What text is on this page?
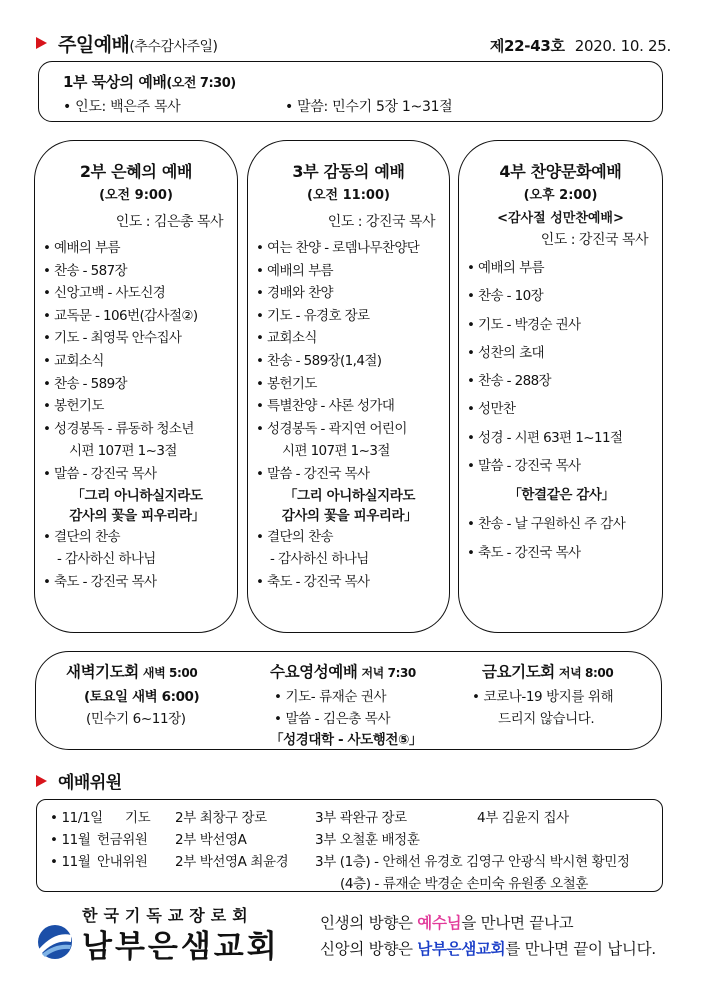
주일예배(추수감사주일)	제22-43호 2020. 10. 25.
1부 묵상의 예배(오전 7:30)
• 인도: 백은주 목사	• 말씀: 민수기 5장 1~31절
2부 은혜의 예배
(오전 9:00)
인도 : 김은총 목사
• 예배의 부름
• 찬송 - 587장
• 신앙고백 - 사도신경
• 교독문 - 106번(감사절②)
• 기도 - 최영묵 안수집사
• 교회소식
• 찬송 - 589장
• 봉헌기도
• 성경봉독 - 류동하 청소년
시편 107편 1~3절
• 말씀 - 강진국 목사
「그리 아니하실지라도
감사의 꽃을 피우리라」
• 결단의 찬송
- 감사하신 하나님
• 축도 - 강진국 목사
3부 감동의 예배
(오전 11:00)
인도 : 강진국 목사
• 여는 찬양 - 로뎀나무찬양단
• 예배의 부름
• 경배와 찬양
• 기도 - 유경호 장로
• 교회소식
• 찬송 - 589장(1,4절)
• 봉헌기도
• 특별찬양 - 샤론 성가대
• 성경봉독 - 곽지연 어린이
시편 107편 1~3절
• 말씀 - 강진국 목사
「그리 아니하실지라도
감사의 꽃을 피우리라」
• 결단의 찬송
- 감사하신 하나님
• 축도 - 강진국 목사
4부 찬양문화예배
(오후 2:00)
<감사절 성만찬예배>
인도 : 강진국 목사
• 예배의 부름
• 찬송 - 10장
• 기도 - 박경순 권사
• 성찬의 초대
• 찬송 - 288장
• 성만찬
• 성경 - 시편 63편 1~11절
• 말씀 - 강진국 목사
「한결같은 감사」
• 찬송 - 날 구원하신 주 감사
• 축도 - 강진국 목사
새벽기도회 새벽 5:00
(토요일 새벽 6:00)
(민수기 6~11장)
수요영성예배 저녁 7:30
• 기도- 류재순 권사
• 말씀 - 김은총 목사
「성경대학 - 사도행전⑤」
금요기도회 저녁 8:00
• 코로나-19 방지를 위해
드리지 않습니다.
예배위원
• 11/1일 기도 2부 최창구 장로	3부 곽완규 장로	4부 김윤지 집사
• 11월 헌금위원 2부 박선영A	3부 오철훈 배정훈
• 11월 안내위원 2부 박선영A 최윤경 3부 (1층) - 안해선 유경호 김영구 안광식 박시현 황민정
(4층) - 류재순 박경순 손미숙 유원종 오철훈
한국기독교장로회
남부은샘교회
인생의 방향은 예수님을 만나면 끝나고
신앙의 방향은 남부은샘교회를 만나면 끝이 납니다.
